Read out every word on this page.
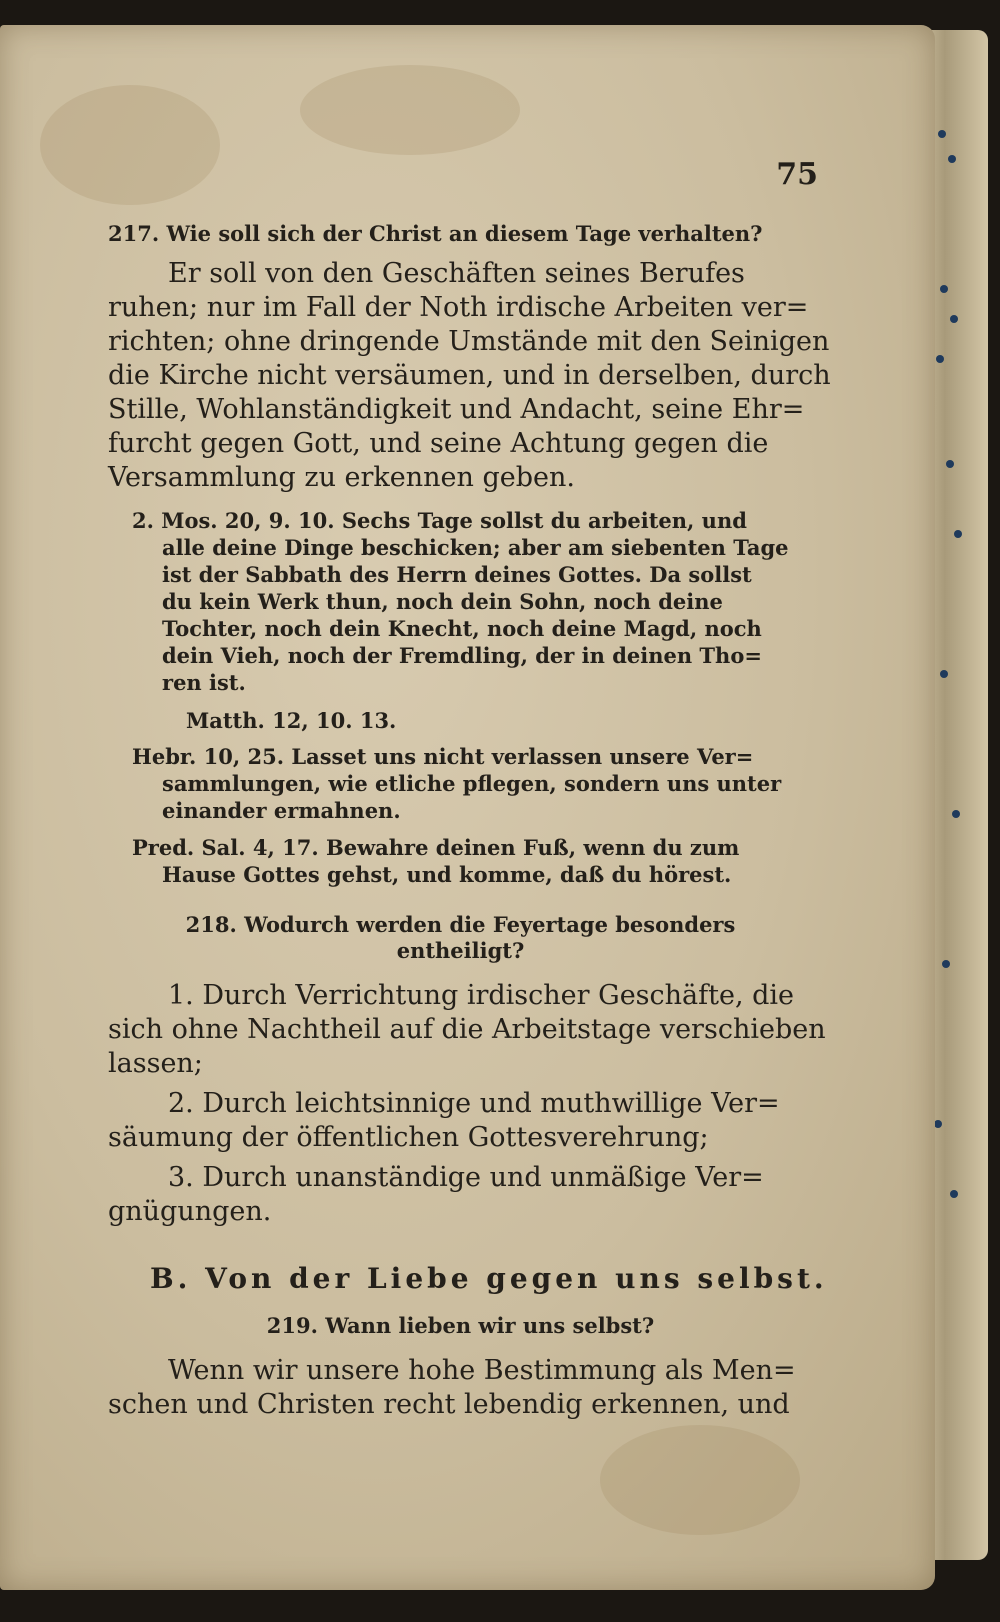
75
217. Wie soll sich der Christ an diesem Tage verhalten?
Er soll von den Geschäften seines Berufes
ruhen; nur im Fall der Noth irdische Arbeiten ver=
richten; ohne dringende Umstände mit den Seinigen
die Kirche nicht versäumen, und in derselben, durch
Stille, Wohlanständigkeit und Andacht, seine Ehr=
furcht gegen Gott, und seine Achtung gegen die
Versammlung zu erkennen geben.
2. Mos. 20, 9. 10. Sechs Tage sollst du arbeiten, und
alle deine Dinge beschicken; aber am siebenten Tage
ist der Sabbath des Herrn deines Gottes. Da sollst
du kein Werk thun, noch dein Sohn, noch deine
Tochter, noch dein Knecht, noch deine Magd, noch
dein Vieh, noch der Fremdling, der in deinen Tho=
ren ist.
Matth. 12, 10. 13.
Hebr. 10, 25. Lasset uns nicht verlassen unsere Ver=
sammlungen, wie etliche pflegen, sondern uns unter
einander ermahnen.
Pred. Sal. 4, 17. Bewahre deinen Fuß, wenn du zum
Hause Gottes gehst, und komme, daß du hörest.
218. Wodurch werden die Feyertage besonders
entheiligt?
1. Durch Verrichtung irdischer Geschäfte, die
sich ohne Nachtheil auf die Arbeitstage verschieben
lassen;
2. Durch leichtsinnige und muthwillige Ver=
säumung der öffentlichen Gottesverehrung;
3. Durch unanständige und unmäßige Ver=
gnügungen.
B. Von der Liebe gegen uns selbst.
219. Wann lieben wir uns selbst?
Wenn wir unsere hohe Bestimmung als Men=
schen und Christen recht lebendig erkennen, und
